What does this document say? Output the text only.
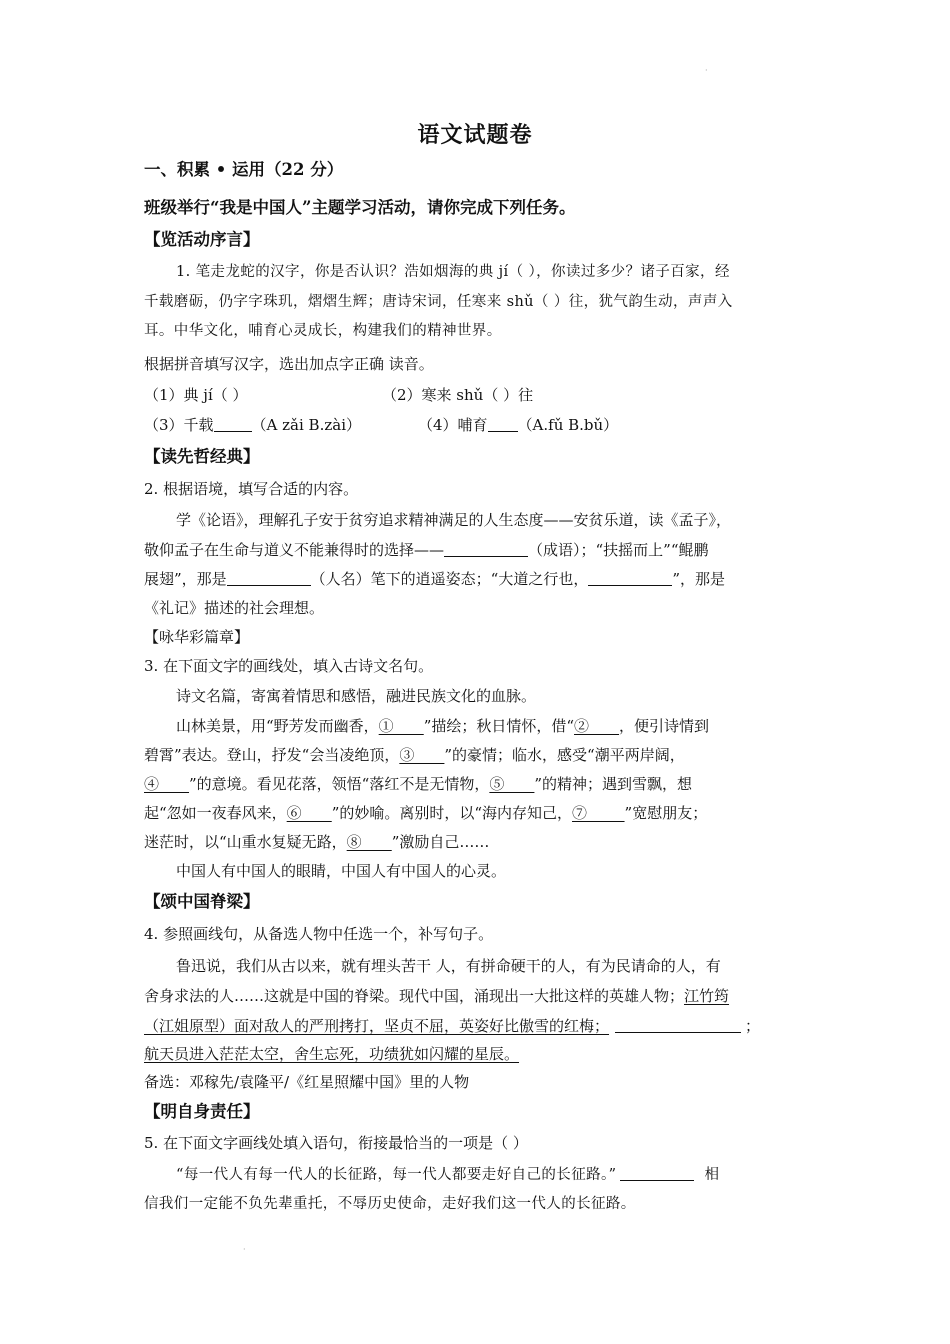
·
语文试题卷
一、积累 • 运用（22 分）
班级举行“我是中国人”主题学习活动，请你完成下列任务。
【览活动序言】
1. 笔走龙蛇的汉字，你是否认识？浩如烟海的典 jí（ ），你读过多少？诸子百家，经
千载磨砺，仍字字珠玑，熠熠生辉；唐诗宋词，任寒来 shǔ（ ）往，犹气韵生动，声声入
耳。中华文化，哺育心灵成长，构建我们的精神世界。
根据拼音填写汉字，选出加点字正确 读音。
（1）典 jí（ ）	（2）寒来 shǔ（ ）往
（3）千载	（A zǎi B.zài）	（4）哺育 （A.fǔ B.bǔ）
【读先哲经典】
2. 根据语境，填写合适的内容。
学《论语》，理解孔子安于贫穷追求精神满足的人生态度——安贫乐道，读《孟子》，
敬仰孟子在生命与道义不能兼得时的选择——	（成语）；“扶摇而上”“鲲鹏
展翅”，那是	（人名）笔下的逍遥姿态；“大道之行也，	”，那是
《礼记》描述的社会理想。
【咏华彩篇章】
3. 在下面文字的画线处，填入古诗文名句。
诗文名篇，寄寓着情思和感悟，融进民族文化的血脉。
山林美景，用“野芳发而幽香，①____”描绘；秋日情怀，借“②____，便引诗情到
碧霄”表达。登山，抒发“会当凌绝顶，③____”的豪情；临水，感受“潮平两岸阔，
④____”的意境。看见花落，领悟“落红不是无情物，⑤____”的精神；遇到雪飘，想
起“忽如一夜春风来，⑥____”的妙喻。离别时，以“海内存知己，⑦_____”宽慰朋友；
迷茫时，以“山重水复疑无路，⑧____”激励自己……
中国人有中国人的眼睛，中国人有中国人的心灵。
【颂中国脊梁】
4. 参照画线句，从备选人物中任选一个，补写句子。
鲁迅说，我们从古以来，就有埋头苦干 人，有拼命硬干的人，有为民请命的人，有
舍身求法的人……这就是中国的脊梁。现代中国，涌现出一大批这样的英雄人物；江竹筠
（江姐原型）面对敌人的严刑拷打，坚贞不屈，英姿好比傲雪的红梅；	；
航天员进入茫茫太空，舍生忘死，功绩犹如闪耀的星辰。
备选：邓稼先/袁隆平/《红星照耀中国》里的人物
【明自身责任】
5. 在下面文字画线处填入语句，衔接最恰当的一项是（ ）
“每一代人有每一代人的长征路，每一代人都要走好自己的长征路。”	相
信我们一定能不负先辈重托，不辱历史使命，走好我们这一代人的长征路。
·
